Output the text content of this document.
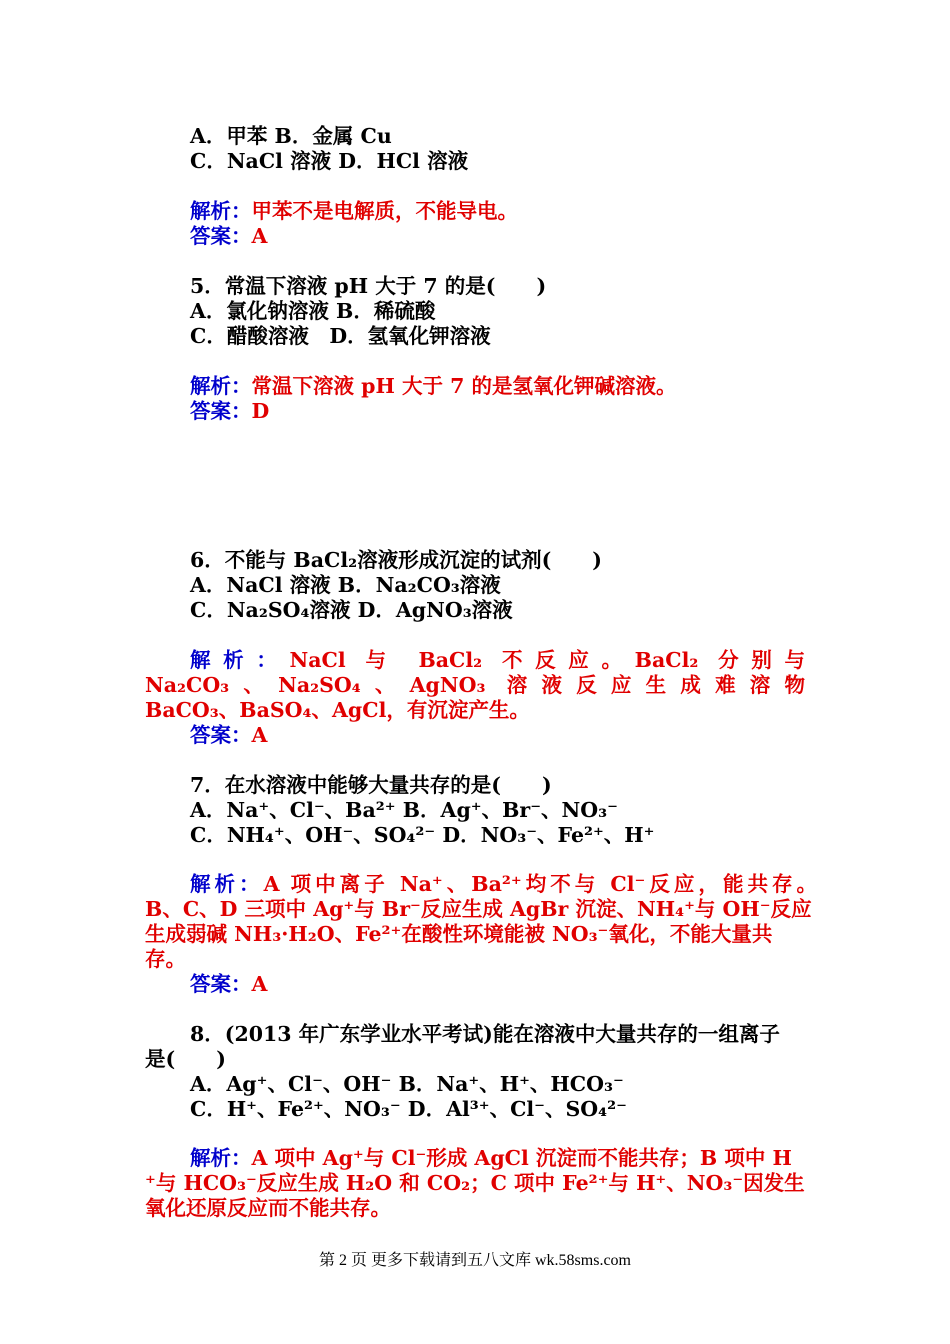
A．甲苯 B．金属 Cu
C．NaCl 溶液 D．HCl 溶液
解析：甲苯不是电解质，不能导电。
答案：A
5．常温下溶液 pH 大于 7 的是(　　)
A．氯化钠溶液 B．稀硫酸
C．醋酸溶液　D．氢氧化钾溶液
解析：常温下溶液 pH 大于 7 的是氢氧化钾碱溶液。
答案：D
6．不能与 BaCl₂溶液形成沉淀的试剂(　　)
A．NaCl 溶液 B．Na₂CO₃溶液
C．Na₂SO₄溶液 D．AgNO₃溶液
解析：NaCl 与 BaCl₂ 不反应。BaCl₂ 分别与
Na₂CO₃、Na₂SO₄、AgNO₃ 溶液反应生成难溶物
BaCO₃、BaSO₄、AgCl，有沉淀产生。
答案：A
7．在水溶液中能够大量共存的是(　　)
A．Na⁺、Cl⁻、Ba²⁺ B．Ag⁺、Br⁻、NO₃⁻
C．NH₄⁺、OH⁻、SO₄²⁻ D．NO₃⁻、Fe²⁺、H⁺
解析：A 项中离子 Na⁺、Ba²⁺均不与 Cl⁻反应，能共存。
B、C、D 三项中 Ag⁺与 Br⁻反应生成 AgBr 沉淀、NH₄⁺与 OH⁻反应
生成弱碱 NH₃·H₂O、Fe²⁺在酸性环境能被 NO₃⁻氧化，不能大量共
存。
答案：A
8．(2013 年广东学业水平考试)能在溶液中大量共存的一组离子
是(　　)
A．Ag⁺、Cl⁻、OH⁻ B．Na⁺、H⁺、HCO₃⁻
C．H⁺、Fe²⁺、NO₃⁻ D．Al³⁺、Cl⁻、SO₄²⁻
解析：A 项中 Ag⁺与 Cl⁻形成 AgCl 沉淀而不能共存；B 项中 H
⁺与 HCO₃⁻反应生成 H₂O 和 CO₂；C 项中 Fe²⁺与 H⁺、NO₃⁻因发生
氧化还原反应而不能共存。
第 2 页 更多下载请到五八文库 wk.58sms.com
